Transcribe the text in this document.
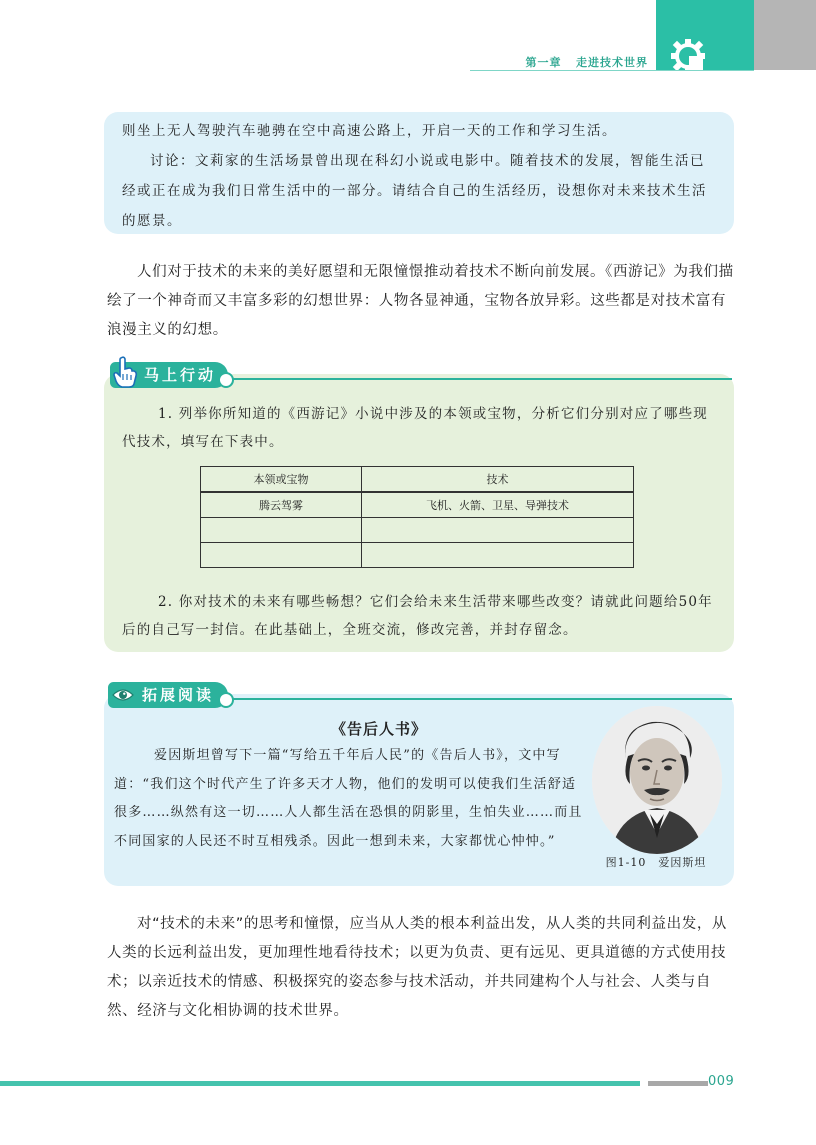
第一章 走进技术世界

则坐上无人驾驶汽车驰骋在空中高速公路上，开启一天的工作和学习生活。

讨论：文莉家的生活场景曾出现在科幻小说或电影中。随着技术的发展，智能生活已经或正在成为我们日常生活中的一部分。请结合自己的生活经历，设想你对未来技术生活的愿景。

人们对于技术的未来的美好愿望和无限憧憬推动着技术不断向前发展。《西游记》为我们描绘了一个神奇而又丰富多彩的幻想世界：人物各显神通，宝物各放异彩。这些都是对技术富有浪漫主义的幻想。

1. 列举你所知道的《西游记》小说中涉及的本领或宝物，分析它们分别对应了哪些现代技术，填写在下表中。

本领或宝物	技术
腾云驾雾	飞机、火箭、卫星、导弹技术

2. 你对技术的未来有哪些畅想？它们会给未来生活带来哪些改变？请就此问题给50年后的自己写一封信。在此基础上，全班交流，修改完善，并封存留念。

马上行动
《告后人书》

爱因斯坦曾写下一篇“写给五千年后人民”的《告后人书》，文中写道：“我们这个时代产生了许多天才人物，他们的发明可以使我们生活舒适很多……纵然有这一切……人人都生活在恐惧的阴影里，生怕失业……而且不同国家的人民还不时互相残杀。因此一想到未来，大家都忧心忡忡。”

图1-10　爱因斯坦
拓展阅读

对“技术的未来”的思考和憧憬，应当从人类的根本利益出发，从人类的共同利益出发，从人类的长远利益出发，更加理性地看待技术；以更为负责、更有远见、更具道德的方式使用技术；以亲近技术的情感、积极探究的姿态参与技术活动，并共同建构个人与社会、人类与自然、经济与文化相协调的技术世界。

009
